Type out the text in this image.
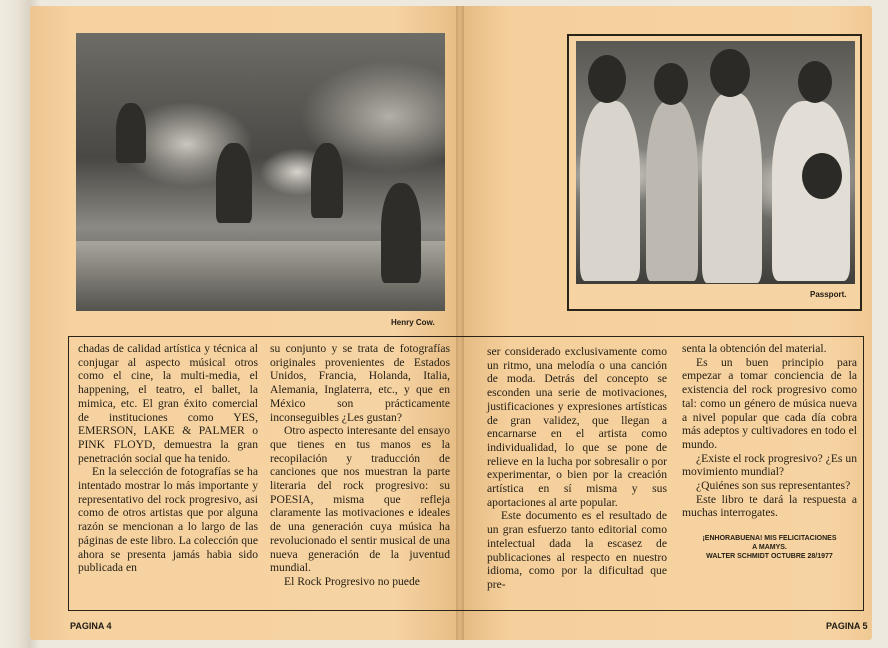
Henry Cow.
Passport.

chadas de calidad artística y técnica al conjugar al aspecto músical otros como el cine, la multi-media, el happening, el teatro, el ballet, la mimica, etc. El gran éxito comercial de instituciones como YES, EMERSON, LAKE & PALMER o PINK FLOYD, demuestra la gran penetración social que ha tenido.

En la selección de fotografías se ha intentado mostrar lo más importante y representativo del rock progresivo, asi como de otros artistas que por alguna razón se mencionan a lo largo de las páginas de este libro. La colección que ahora se presenta jamás habia sido publicada en

su conjunto y se trata de fotografías originales provenientes de Estados Unidos, Francia, Holanda, Italia, Alemania, Inglaterra, etc., y que en México son prácticamente inconseguibles ¿Les gustan?

Otro aspecto interesante del ensayo que tienes en tus manos es la recopilación y traducción de canciones que nos muestran la parte literaria del rock progresivo: su POESIA, misma que refleja claramente las motivaciones e ideales de una generación cuya música ha revolucionado el sentir musical de una nueva generación de la juventud mundial.

El Rock Progresivo no puede

ser considerado exclusivamente como un ritmo, una melodía o una canción de moda. Detrás del concepto se esconden una serie de motivaciones, justificaciones y expresiones artísticas de gran validez, que llegan a encarnarse en el artista como individualidad, lo que se pone de relieve en la lucha por sobresalir o por experimentar, o bien por la creación artística en sí misma y sus aportaciones al arte popular.

Este documento es el resultado de un gran esfuerzo tanto editorial como intelectual dada la escasez de publicaciones al respecto en nuestro idioma, como por la dificultad que pre-

senta la obtención del material.

Es un buen principio para empezar a tomar conciencia de la existencia del rock progresivo como tal: como un género de música nueva a nivel popular que cada día cobra más adeptos y cultivadores en todo el mundo.

¿Existe el rock progresivo? ¿Es un movimiento mundial?

¿Quiénes son sus representantes?

Este libro te dará la respuesta a muchas interrogates.

¡ENHORABUENA! MIS FELICITACIONES
A MAMYS.
WALTER SCHMIDT OCTUBRE 28/1977
PAGINA 4	PAGINA 5
